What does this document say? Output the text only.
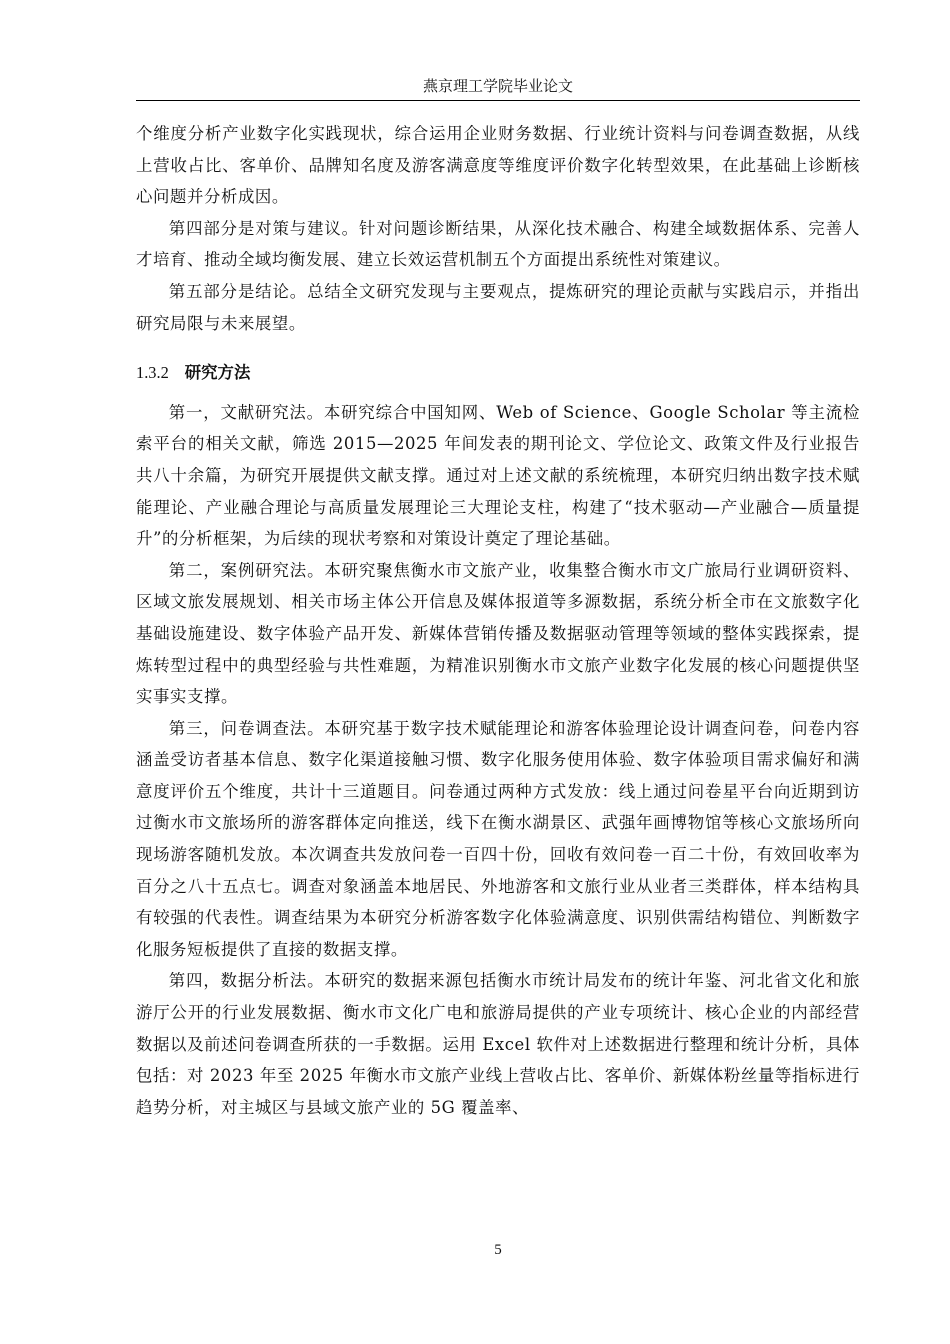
燕京理工学院毕业论文

个维度分析产业数字化实践现状，综合运用企业财务数据、行业统计资料与问卷调查数据，从线上营收占比、客单价、品牌知名度及游客满意度等维度评价数字化转型效果，在此基础上诊断核心问题并分析成因。

第四部分是对策与建议。针对问题诊断结果，从深化技术融合、构建全域数据体系、完善人才培育、推动全域均衡发展、建立长效运营机制五个方面提出系统性对策建议。

第五部分是结论。总结全文研究发现与主要观点，提炼研究的理论贡献与实践启示，并指出研究局限与未来展望。

1.3.2 研究方法

第一，文献研究法。本研究综合中国知网、Web of Science、Google Scholar 等主流检索平台的相关文献，筛选 2015—2025 年间发表的期刊论文、学位论文、政策文件及行业报告共八十余篇，为研究开展提供文献支撑。通过对上述文献的系统梳理，本研究归纳出数字技术赋能理论、产业融合理论与高质量发展理论三大理论支柱，构建了“技术驱动—产业融合—质量提升”的分析框架，为后续的现状考察和对策设计奠定了理论基础。

第二，案例研究法。本研究聚焦衡水市文旅产业，收集整合衡水市文广旅局行业调研资料、区域文旅发展规划、相关市场主体公开信息及媒体报道等多源数据，系统分析全市在文旅数字化基础设施建设、数字体验产品开发、新媒体营销传播及数据驱动管理等领域的整体实践探索，提炼转型过程中的典型经验与共性难题，为精准识别衡水市文旅产业数字化发展的核心问题提供坚实事实支撑。

第三，问卷调查法。本研究基于数字技术赋能理论和游客体验理论设计调查问卷，问卷内容涵盖受访者基本信息、数字化渠道接触习惯、数字化服务使用体验、数字体验项目需求偏好和满意度评价五个维度，共计十三道题目。问卷通过两种方式发放：线上通过问卷星平台向近期到访过衡水市文旅场所的游客群体定向推送，线下在衡水湖景区、武强年画博物馆等核心文旅场所向现场游客随机发放。本次调查共发放问卷一百四十份，回收有效问卷一百二十份，有效回收率为百分之八十五点七。调查对象涵盖本地居民、外地游客和文旅行业从业者三类群体，样本结构具有较强的代表性。调查结果为本研究分析游客数字化体验满意度、识别供需结构错位、判断数字化服务短板提供了直接的数据支撑。

第四，数据分析法。本研究的数据来源包括衡水市统计局发布的统计年鉴、河北省文化和旅游厅公开的行业发展数据、衡水市文化广电和旅游局提供的产业专项统计、核心企业的内部经营数据以及前述问卷调查所获的一手数据。运用 Excel 软件对上述数据进行整理和统计分析，具体包括：对 2023 年至 2025 年衡水市文旅产业线上营收占比、客单价、新媒体粉丝量等指标进行趋势分析，对主城区与县域文旅产业的 5G 覆盖率、

5
